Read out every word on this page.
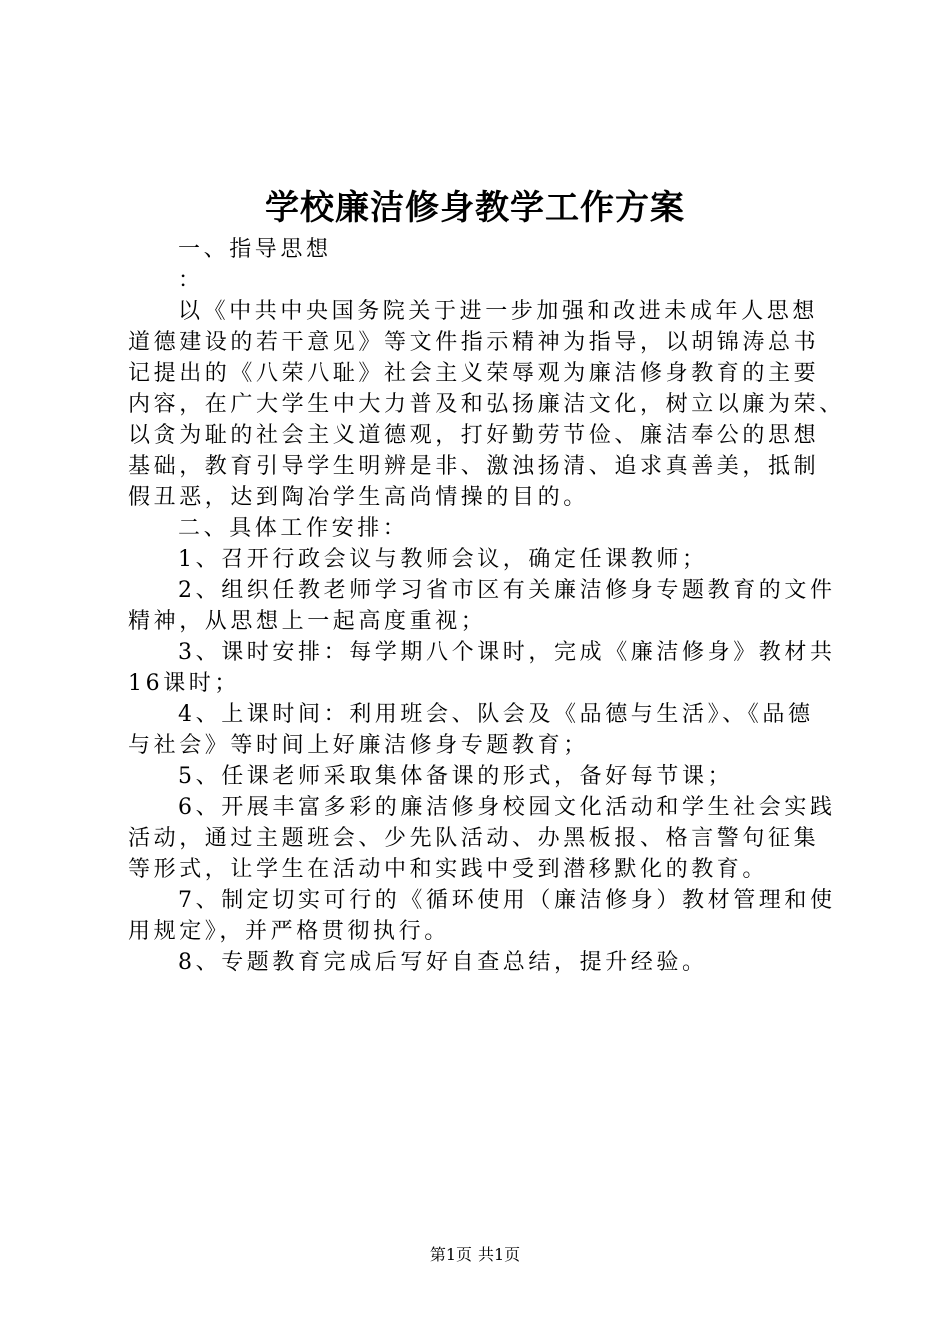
学校廉洁修身教学工作方案
一、指导思想
：
以《中共中央国务院关于进一步加强和改进未成年人思想
道德建设的若干意见》等文件指示精神为指导，以胡锦涛总书
记提出的《八荣八耻》社会主义荣辱观为廉洁修身教育的主要
内容，在广大学生中大力普及和弘扬廉洁文化，树立以廉为荣、
以贪为耻的社会主义道德观，打好勤劳节俭、廉洁奉公的思想
基础，教育引导学生明辨是非、激浊扬清、追求真善美，抵制
假丑恶，达到陶冶学生高尚情操的目的。
二、具体工作安排：
1、召开行政会议与教师会议，确定任课教师；
2、组织任教老师学习省市区有关廉洁修身专题教育的文件
精神，从思想上一起高度重视；
3、课时安排：每学期八个课时，完成《廉洁修身》教材共
16课时；
4、上课时间：利用班会、队会及《品德与生活》、《品德
与社会》等时间上好廉洁修身专题教育；
5、任课老师采取集体备课的形式，备好每节课；
6、开展丰富多彩的廉洁修身校园文化活动和学生社会实践
活动，通过主题班会、少先队活动、办黑板报、格言警句征集
等形式，让学生在活动中和实践中受到潜移默化的教育。
7、制定切实可行的《循环使用（廉洁修身）教材管理和使
用规定》，并严格贯彻执行。
8、专题教育完成后写好自查总结，提升经验。
第1页 共1页
